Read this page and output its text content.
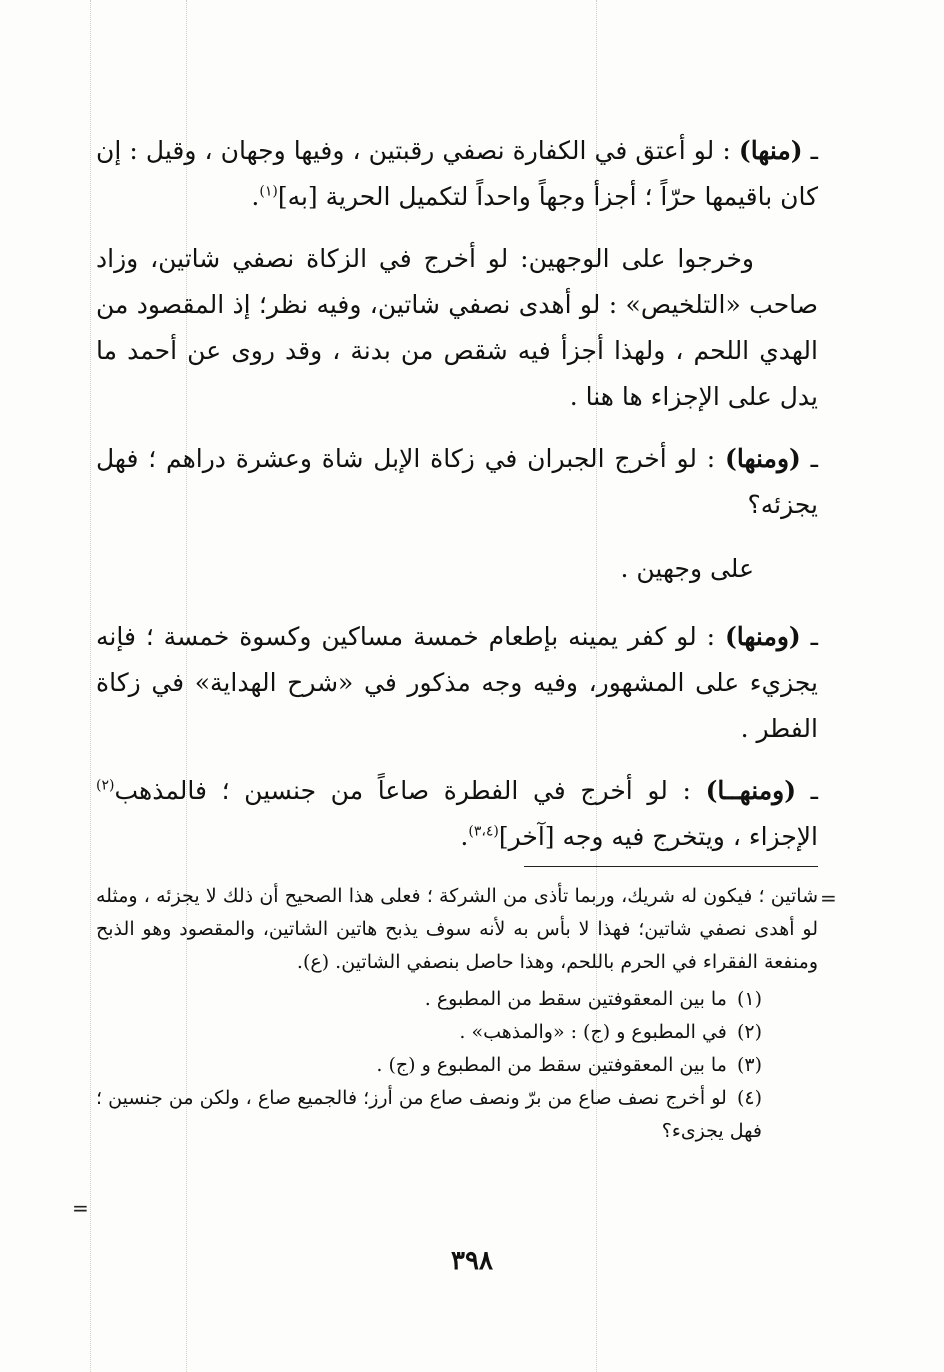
ـ (منها) : لو أعتق في الكفارة نصفي رقبتين ، وفيها وجهان ، وقيل : إن كان باقيمها حرّاً ؛ أجزأ وجهاً واحداً لتكميل الحرية [به]$^{(١)}$.

وخرجوا على الوجهين: لو أخرج في الزكاة نصفي شاتين، وزاد صاحب «التلخيص» : لو أهدى نصفي شاتين، وفيه نظر؛ إذ المقصود من الهدي اللحم ، ولهذا أجزأ فيه شقص من بدنة ، وقد روى عن أحمد ما يدل على الإجزاء ها هنا .

ـ (ومنها) : لو أخرج الجبران في زكاة الإبل شاة وعشرة دراهم ؛ فهل يجزئه؟

على وجهين .

ـ (ومنها) : لو كفر يمينه بإطعام خمسة مساكين وكسوة خمسة ؛ فإنه يجزيء على المشهور، وفيه وجه مذكور في «شرح الهداية» في زكاة الفطر .

ـ (ومنهــا) : لو أخرج في الفطرة صاعاً من جنسين ؛ فالمذهب$^{(٢)}$ الإجزاء ، ويتخرج فيه وجه [آخر]$^{(٣،٤)}$.

=

شاتين ؛ فيكون له شريك، وربما تأذى من الشركة ؛ فعلى هذا الصحيح أن ذلك لا يجزئه ، ومثله لو أهدى نصفي شاتين؛ فهذا لا بأس به لأنه سوف يذبح هاتين الشاتين، والمقصود وهو الذبح ومنفعة الفقراء في الحرم باللحم، وهذا حاصل بنصفي الشاتين. (ع).

(١) ما بين المعقوفتين سقط من المطبوع .

(٢) في المطبوع و (ج) : «والمذهب» .

(٣) ما بين المعقوفتين سقط من المطبوع و (ج) .

(٤) لو أخرج نصف صاع من برّ ونصف صاع من أرز؛ فالجميع صاع ، ولكن من جنسين ؛ فهل يجزىء؟

=
٣٩٨
